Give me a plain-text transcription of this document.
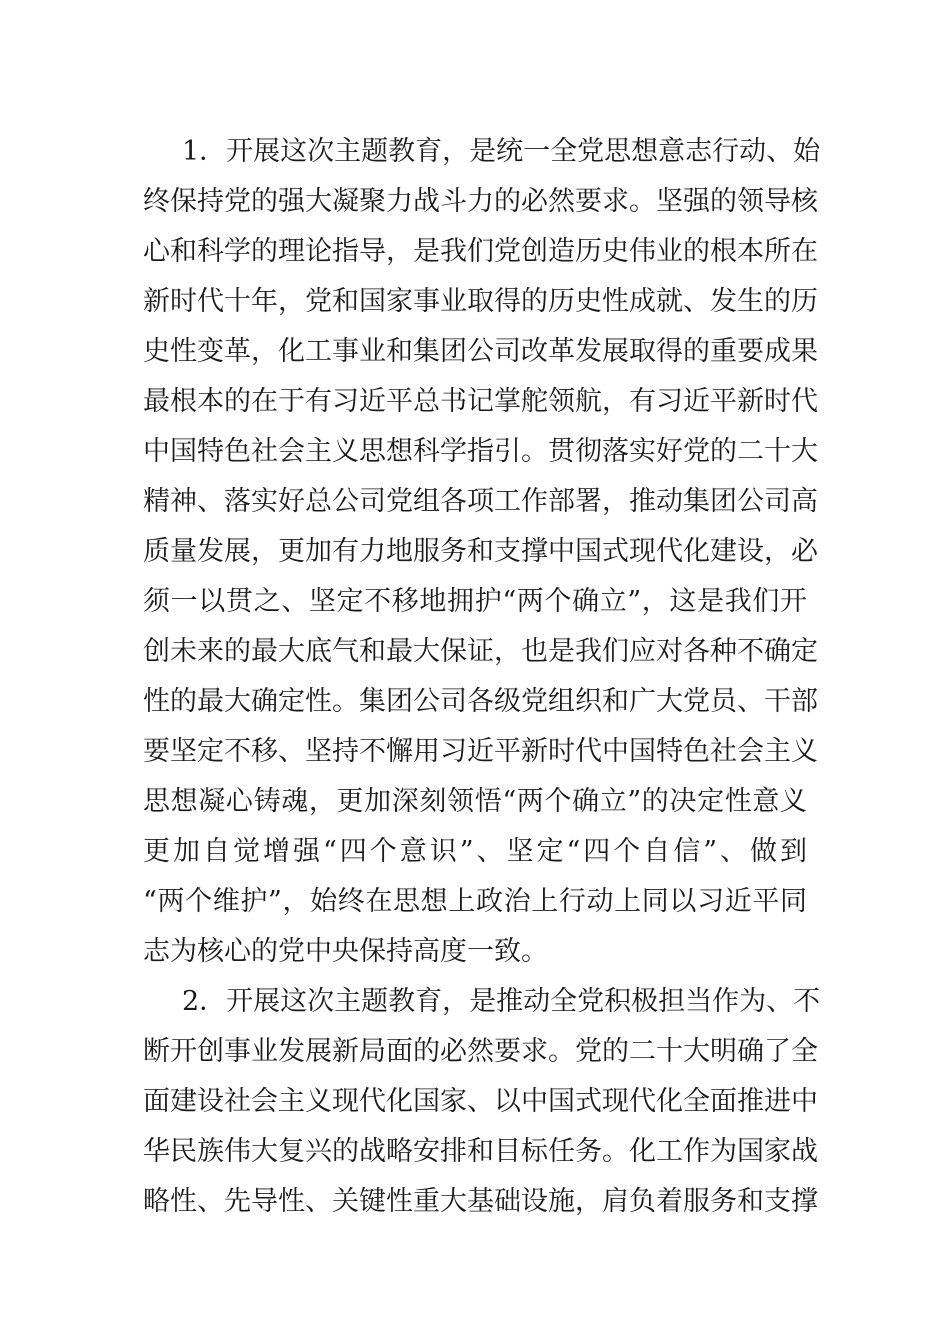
1．开展这次主题教育，是统一全党思想意志行动、始
终保持党的强大凝聚力战斗力的必然要求。坚强的领导核
心和科学的理论指导，是我们党创造历史伟业的根本所在
新时代十年，党和国家事业取得的历史性成就、发生的历
史性变革，化工事业和集团公司改革发展取得的重要成果
最根本的在于有习近平总书记掌舵领航，有习近平新时代
中国特色社会主义思想科学指引。贯彻落实好党的二十大
精神、落实好总公司党组各项工作部署，推动集团公司高
质量发展，更加有力地服务和支撑中国式现代化建设，必
须一以贯之、坚定不移地拥护“两个确立”，这是我们开
创未来的最大底气和最大保证，也是我们应对各种不确定
性的最大确定性。集团公司各级党组织和广大党员、干部
要坚定不移、坚持不懈用习近平新时代中国特色社会主义
思想凝心铸魂，更加深刻领悟“两个确立”的决定性意义
更加自觉增强“四个意识”、坚定“四个自信”、做到
“两个维护”，始终在思想上政治上行动上同以习近平同
志为核心的党中央保持高度一致。
2．开展这次主题教育，是推动全党积极担当作为、不
断开创事业发展新局面的必然要求。党的二十大明确了全
面建设社会主义现代化国家、以中国式现代化全面推进中
华民族伟大复兴的战略安排和目标任务。化工作为国家战
略性、先导性、关键性重大基础设施，肩负着服务和支撑
